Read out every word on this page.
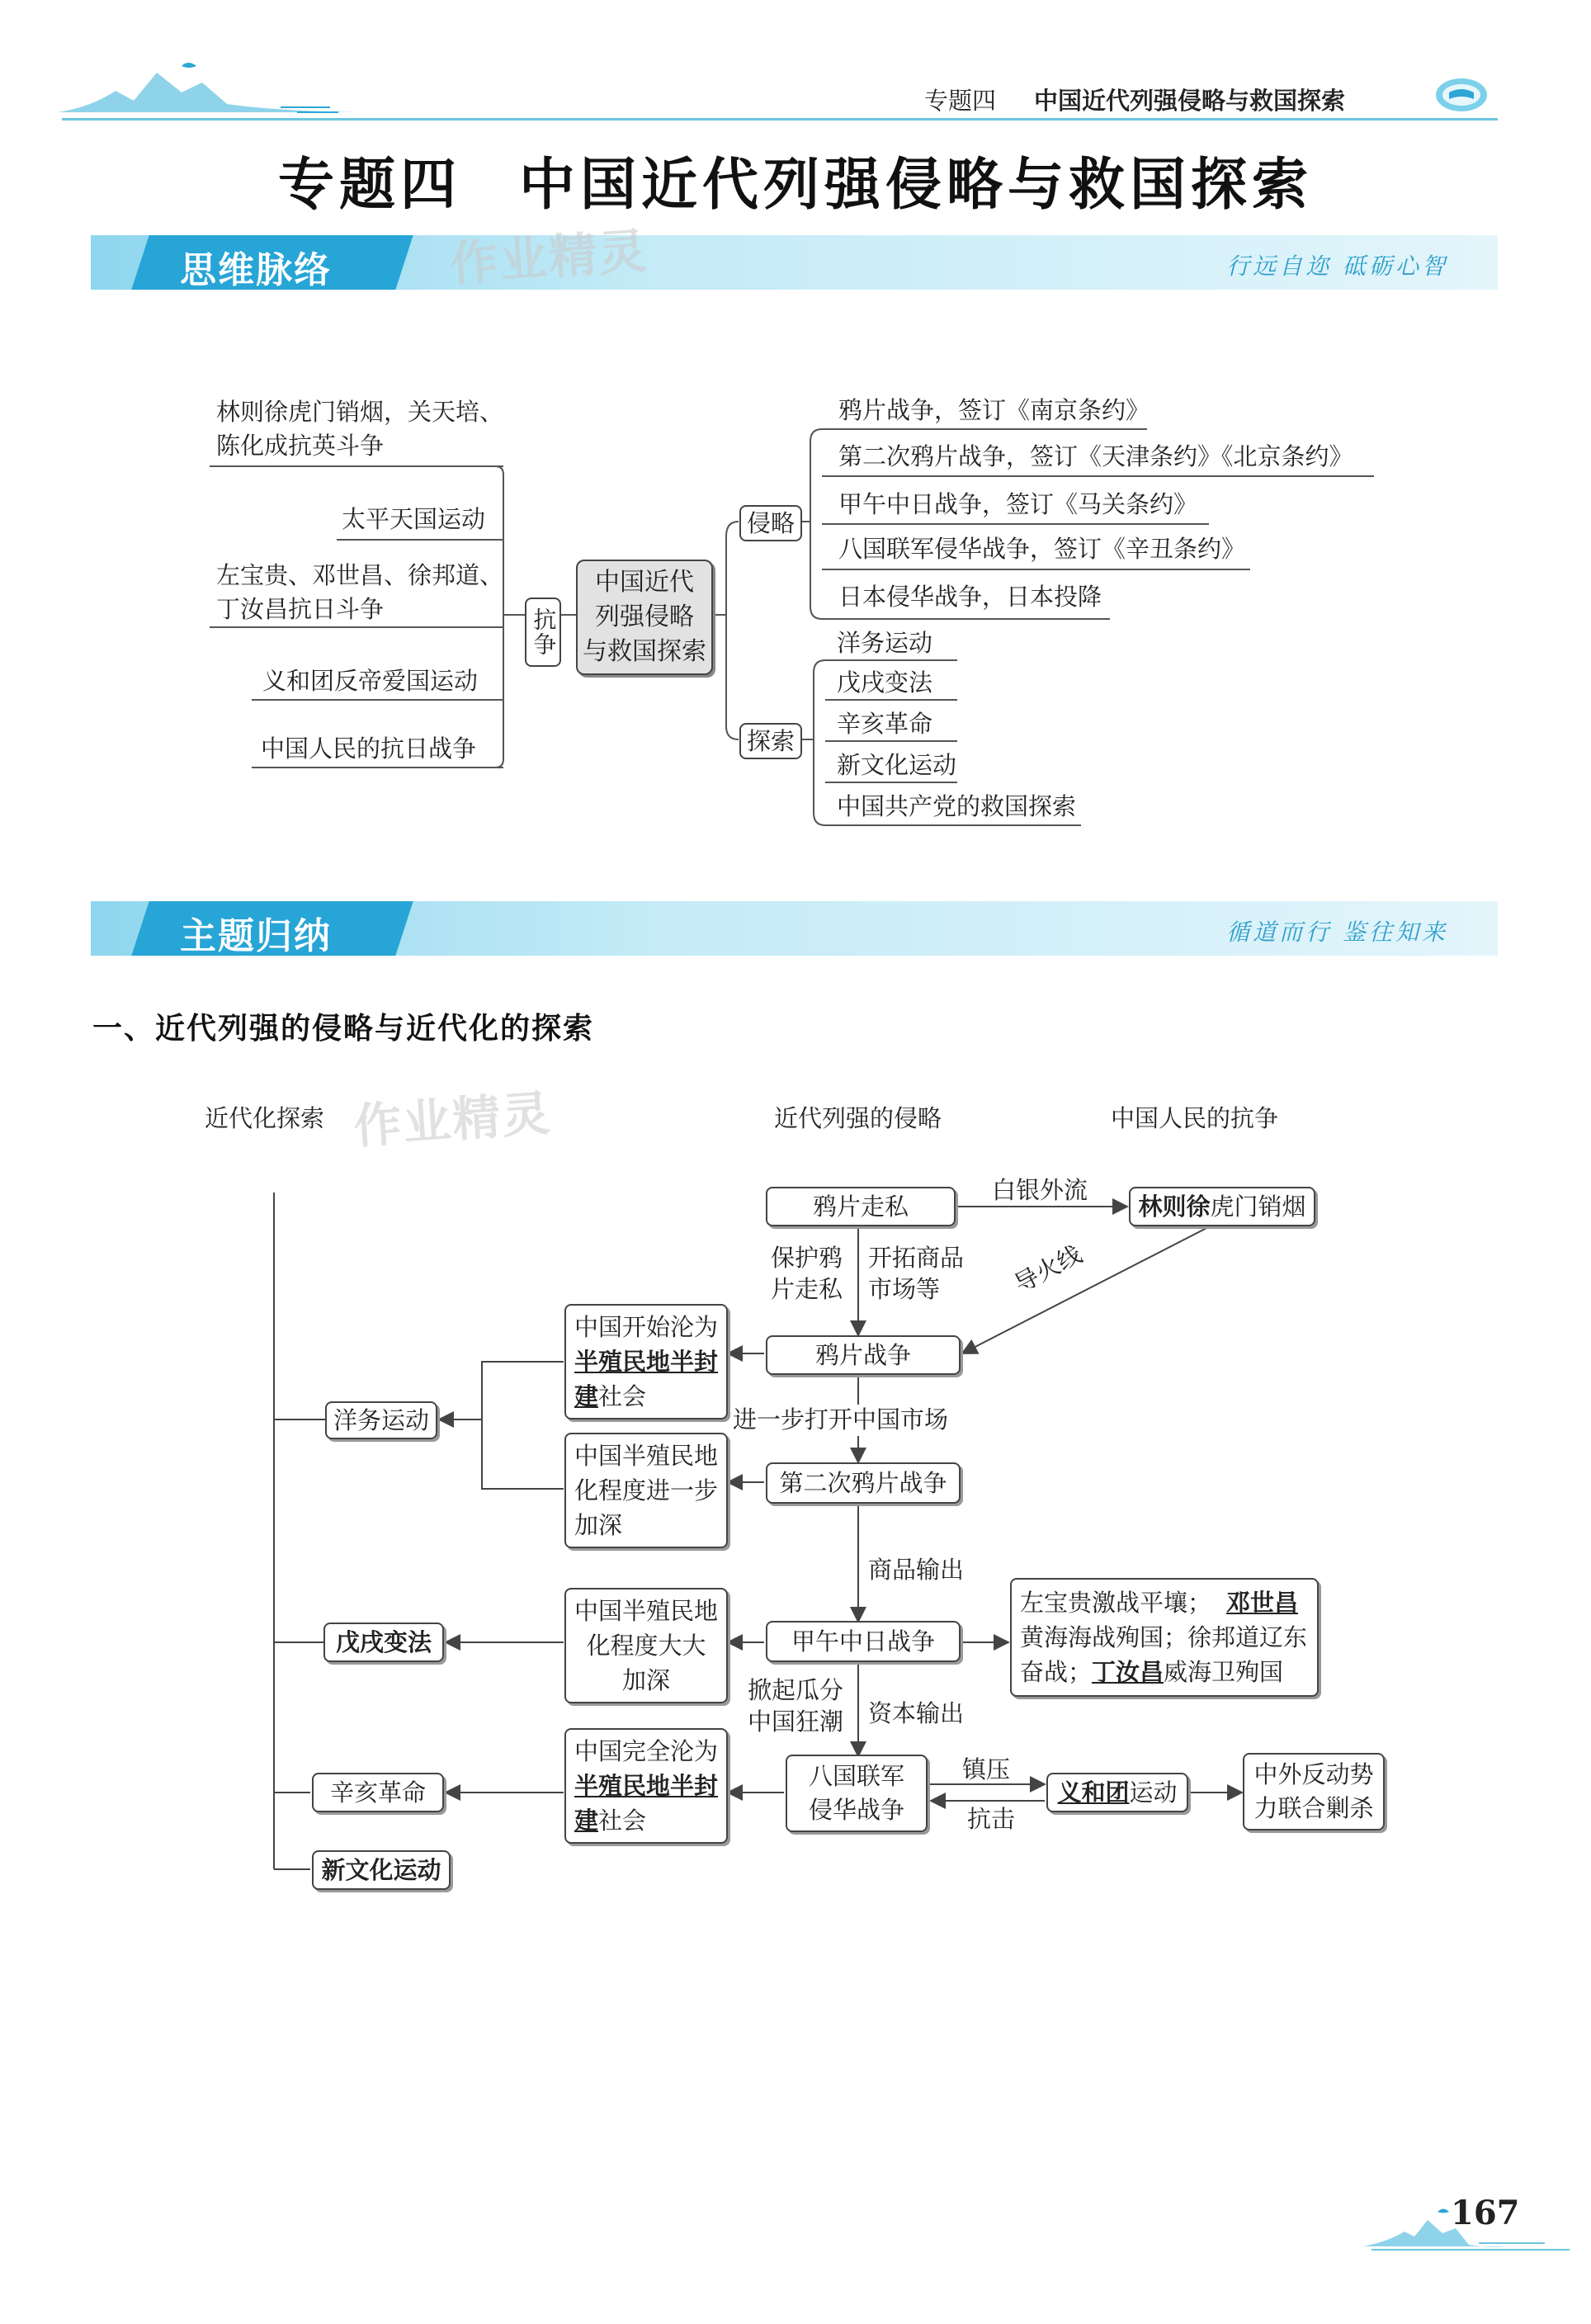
专题四 中国近代列强侵略与救国探索
专题四 中国近代列强侵略与救国探索
思维脉络	行远自迩 砥砺心智
作业精灵
林则徐虎门销烟，关天培、
陈化成抗英斗争
太平天国运动
左宝贵、邓世昌、徐邦道、
丁汝昌抗日斗争
义和团反帝爱国运动
中国人民的抗日战争
抗争
中国近代
列强侵略
与救国探索
侵略
探索
鸦片战争，签订《南京条约》
第二次鸦片战争，签订《天津条约》《北京条约》
甲午中日战争，签订《马关条约》
八国联军侵华战争，签订《辛丑条约》
日本侵华战争，日本投降
洋务运动
戊戌变法
辛亥革命
新文化运动
中国共产党的救国探索
主题归纳	循道而行 鉴往知来
一、近代列强的侵略与近代化的探索
近代化探索 作业精灵	近代列强的侵略	中国人民的抗争
鸦片走私
鸦片战争
第二次鸦片战争
甲午中日战争
八国联军
侵华战争
中国开始沦为
半殖民地半封
建社会
中国半殖民地
化程度进一步
加深
中国半殖民地
化程度大大
加深
中国完全沦为
半殖民地半封
建社会
洋务运动
戊戌变法
辛亥革命
新文化运动
林则徐 虎门销烟
左宝贵激战平壤； 邓世昌
黄海海战殉国；徐邦道辽东
奋战；丁汝昌威海卫殉国
义和团 运动
中外反动势
力联合剿杀
白银外流
保护鸦
片走私
开拓商品
市场等	导火线
进一步打开中国市场
商品输出
掀起瓜分
中国狂潮 资本输出
镇压
抗击
167
